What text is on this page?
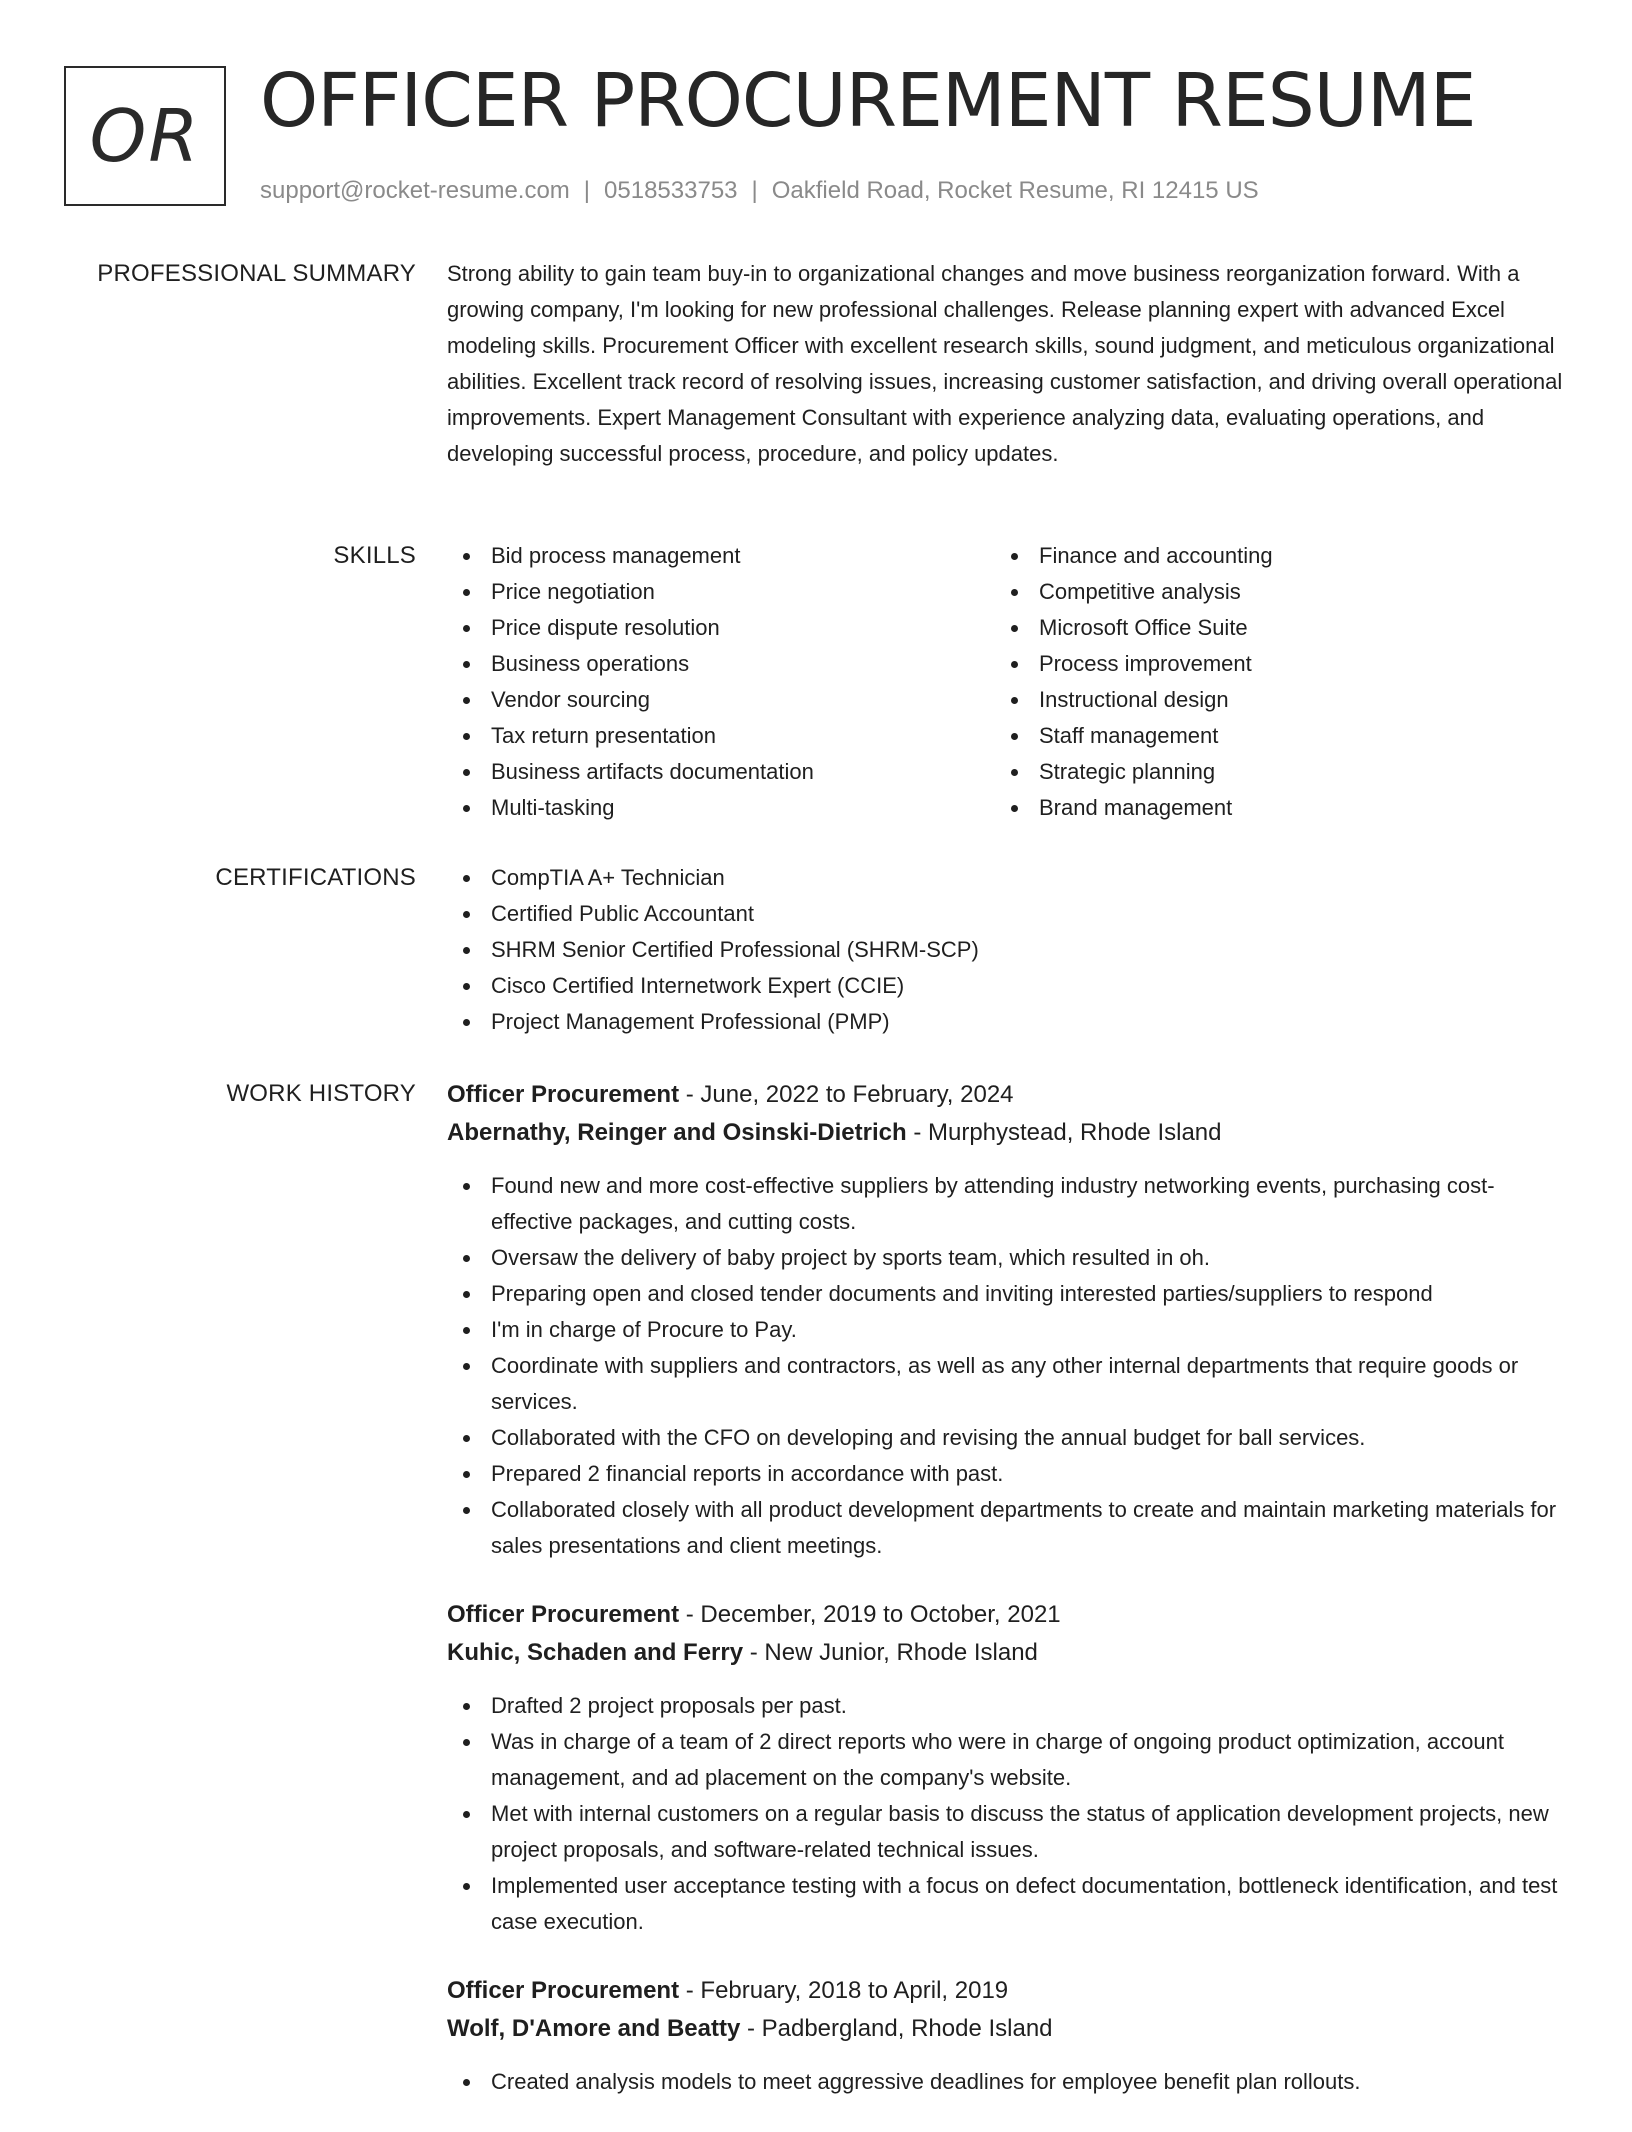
OR OFFICER PROCUREMENT RESUME
support@rocket-resume.com | 0518533753 | Oakfield Road, Rocket Resume, RI 12415 US
PROFESSIONAL SUMMARY Strong ability to gain team buy-in to organizational changes and move business reorganization forward. With a growing company, I'm looking for new professional challenges. Release planning expert with advanced Excel modeling skills. Procurement Officer with excellent research skills, sound judgment, and meticulous organizational abilities. Excellent track record of resolving issues, increasing customer satisfaction, and driving overall operational improvements. Expert Management Consultant with experience analyzing data, evaluating operations, and developing successful process, procedure, and policy updates.

SKILLS	Bid process management
Price negotiation
Price dispute resolution
Business operations
Vendor sourcing
Tax return presentation
Business artifacts documentation
Multi-tasking
Finance and accounting
Competitive analysis
Microsoft Office Suite
Process improvement
Instructional design
Staff management
Strategic planning
Brand management
CERTIFICATIONS	CompTIA A+ Technician
Certified Public Accountant
SHRM Senior Certified Professional (SHRM-SCP)
Cisco Certified Internetwork Expert (CCIE)
Project Management Professional (PMP)
WORK HISTORY Officer Procurement - June, 2022 to February, 2024
Abernathy, Reinger and Osinski-Dietrich - Murphystead, Rhode Island
Found new and more cost-effective suppliers by attending industry networking events, purchasing cost-effective packages, and cutting costs.
Oversaw the delivery of baby project by sports team, which resulted in oh.
Preparing open and closed tender documents and inviting interested parties/suppliers to respond
I'm in charge of Procure to Pay.
Coordinate with suppliers and contractors, as well as any other internal departments that require goods or services.
Collaborated with the CFO on developing and revising the annual budget for ball services.
Prepared 2 financial reports in accordance with past.
Collaborated closely with all product development departments to create and maintain marketing materials for sales presentations and client meetings.
Officer Procurement - December, 2019 to October, 2021
Kuhic, Schaden and Ferry - New Junior, Rhode Island
Drafted 2 project proposals per past.
Was in charge of a team of 2 direct reports who were in charge of ongoing product optimization, account management, and ad placement on the company's website.
Met with internal customers on a regular basis to discuss the status of application development projects, new project proposals, and software-related technical issues.
Implemented user acceptance testing with a focus on defect documentation, bottleneck identification, and test case execution.
Officer Procurement - February, 2018 to April, 2019
Wolf, D'Amore and Beatty - Padbergland, Rhode Island
Created analysis models to meet aggressive deadlines for employee benefit plan rollouts.
